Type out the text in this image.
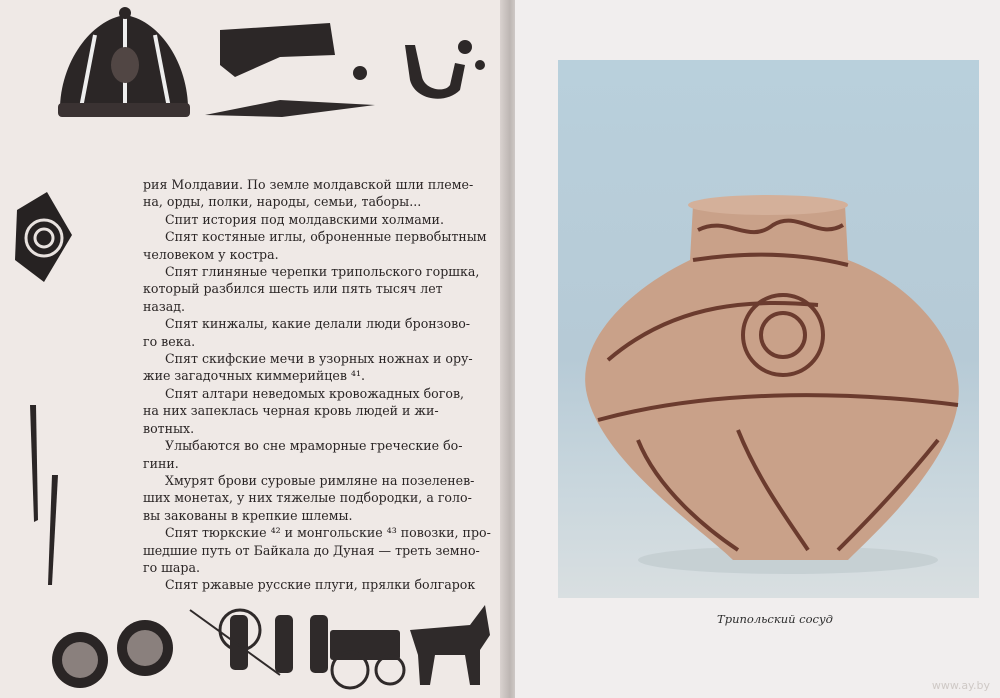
рия Молдавии. По земле молдавской шли племе-
на, орды, полки, народы, семьи, таборы...

Спит история под молдавскими холмами.

Спят костяные иглы, оброненные первобытным
человеком у костра.

Спят глиняные черепки трипольского горшка,
который разбился шесть или пять тысяч лет
назад.

Спят кинжалы, какие делали люди бронзово-
го века.

Спят скифские мечи в узорных ножнах и ору-
жие загадочных киммерийцев ⁴¹.

Спят алтари неведомых кровожадных богов,
на них запеклась черная кровь людей и жи-
вотных.

Улыбаются во сне мраморные греческие бо-
гини.

Хмурят брови суровые римляне на позеленев-
ших монетах, у них тяжелые подбородки, а голо-
вы закованы в крепкие шлемы.

Спят тюркские ⁴² и монгольские ⁴³ повозки, про-
шедшие путь от Байкала до Дуная — треть земно-
го шара.

Спят ржавые русские плуги, прялки болгарок

Трипольский сосуд
www.ay.by
